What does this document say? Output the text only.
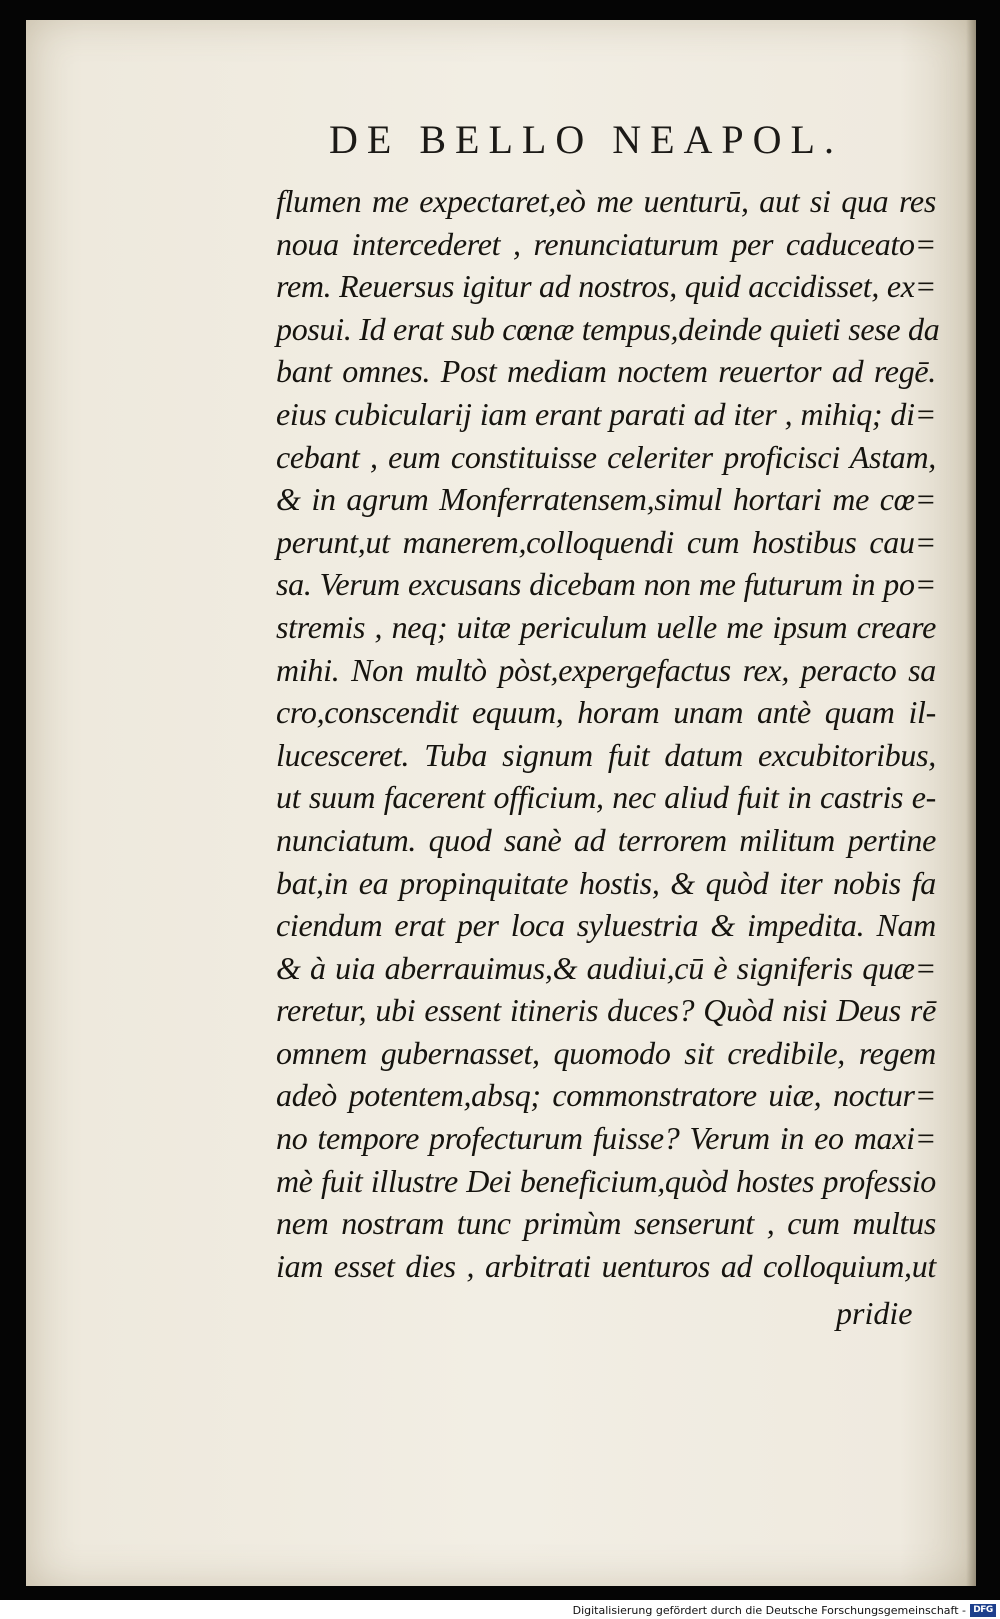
DE BELLO NEAPOL.
flumen me expectaret,eò me uenturū, aut si qua res
noua intercederet , renunciaturum per caduceato=
rem. Reuersus igitur ad nostros, quid accidisset, ex=
posui. Id erat sub cœnæ tempus,deinde quieti sese da
bant omnes. Post mediam noctem reuertor ad regē.
eius cubicularij iam erant parati ad iter , mihiq; di=
cebant , eum constituisse celeriter proficisci Astam,
& in agrum Monferratensem,simul hortari me cœ=
perunt,ut manerem,colloquendi cum hostibus cau=
sa. Verum excusans dicebam non me futurum in po=
stremis , neq; uitæ periculum uelle me ipsum creare
mihi. Non multò pòst,expergefactus rex, peracto sa
cro,conscendit equum, horam unam antè quam il-
lucesceret. Tuba signum fuit datum excubitoribus,
ut suum facerent officium, nec aliud fuit in castris e-
nunciatum. quod sanè ad terrorem militum pertine
bat,in ea propinquitate hostis, & quòd iter nobis fa
ciendum erat per loca syluestria & impedita. Nam
& à uia aberrauimus,& audiui,cū è signiferis quæ=
reretur, ubi essent itineris duces? Quòd nisi Deus rē
omnem gubernasset, quomodo sit credibile, regem
adeò potentem,absq; commonstratore uiæ, noctur=
no tempore profecturum fuisse? Verum in eo maxi=
mè fuit illustre Dei beneficium,quòd hostes professio
nem nostram tunc primùm senserunt , cum multus
iam esset dies , arbitrati uenturos ad colloquium,ut
pridie
Digitalisierung gefördert durch die Deutsche Forschungsgemeinschaft - DFG
